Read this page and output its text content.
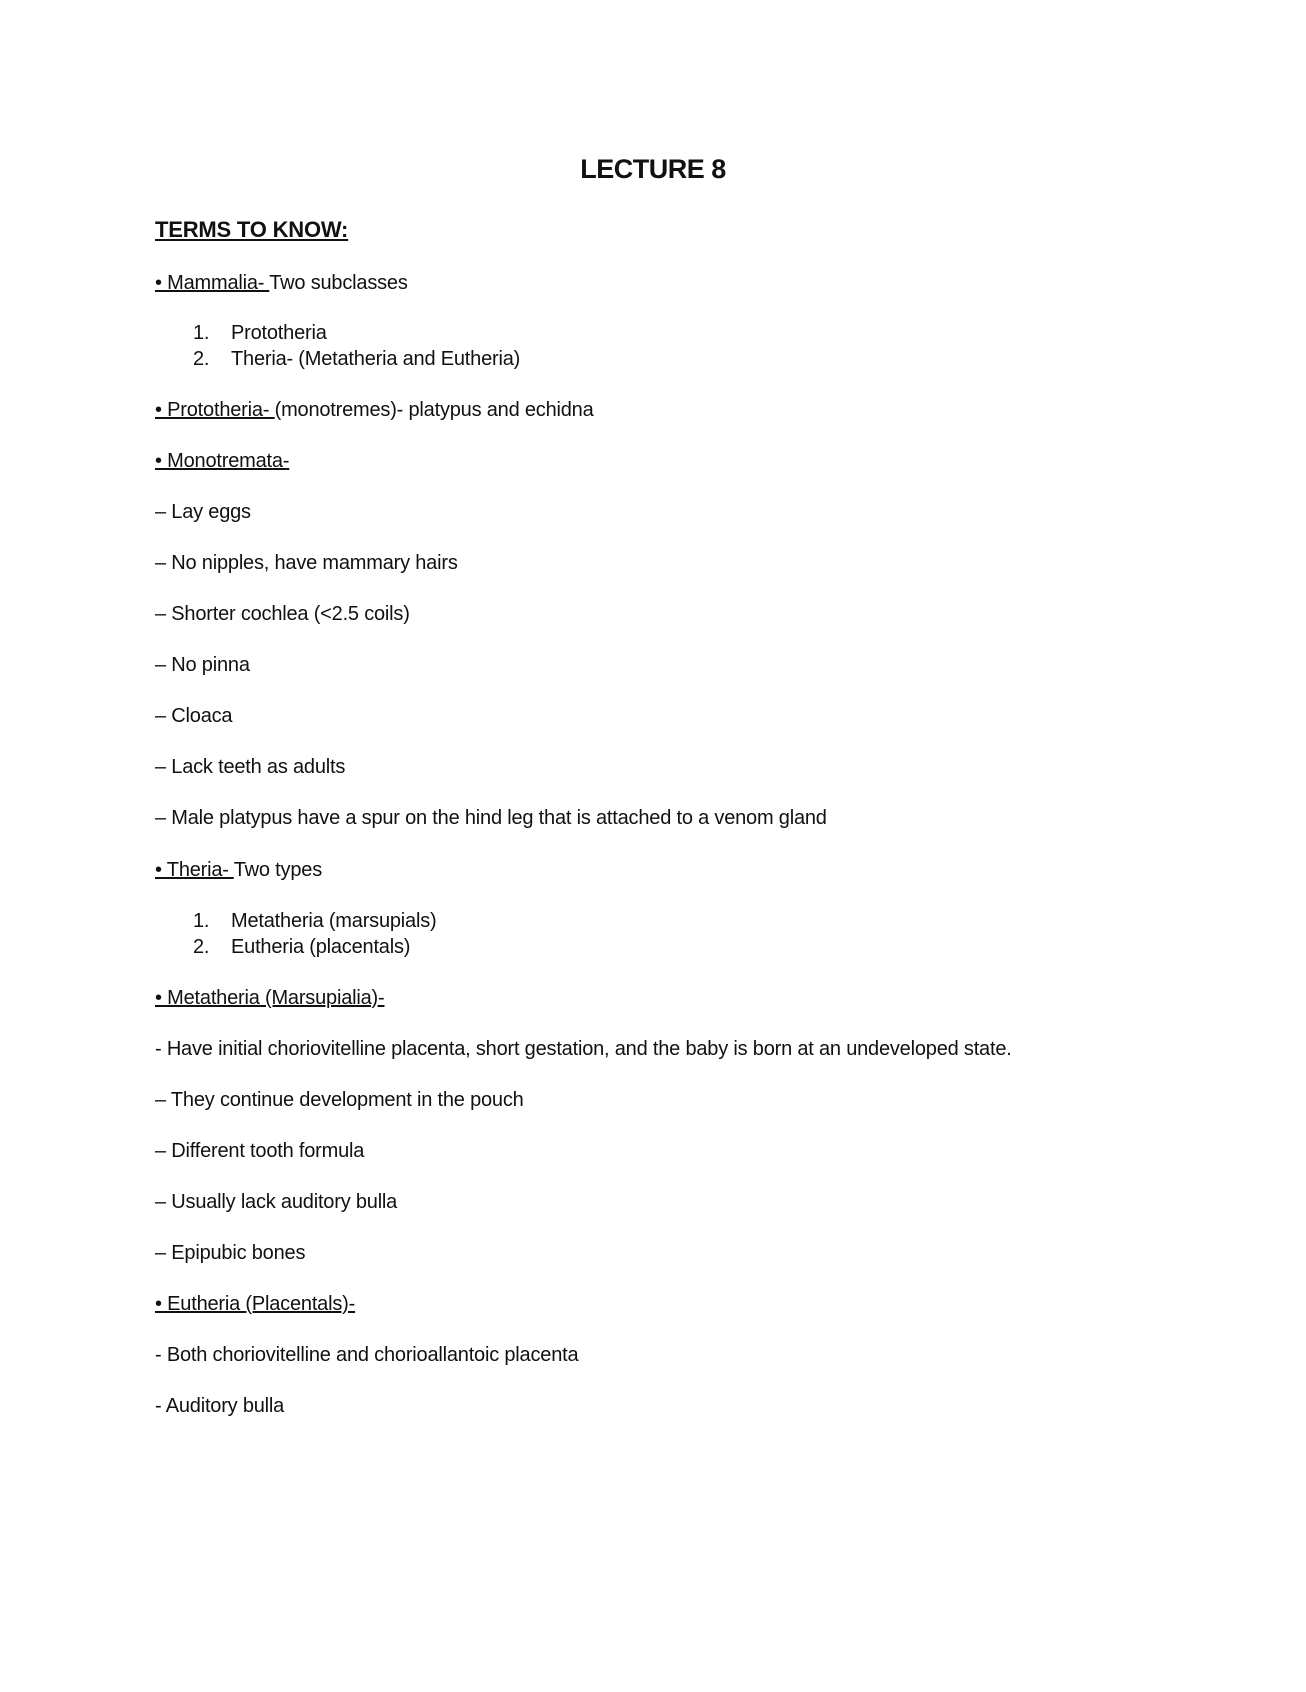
LECTURE 8
TERMS TO KNOW:
• Mammalia- Two subclasses
1. Prototheria
2. Theria- (Metatheria and Eutheria)
• Prototheria- (monotremes)- platypus and echidna
• Monotremata-
– Lay eggs
– No nipples, have mammary hairs
– Shorter cochlea (<2.5 coils)
– No pinna
– Cloaca
– Lack teeth as adults
– Male platypus have a spur on the hind leg that is attached to a venom gland
• Theria- Two types
1. Metatheria (marsupials)
2. Eutheria (placentals)
• Metatheria (Marsupialia)-
- Have initial choriovitelline placenta, short gestation, and the baby is born at an undeveloped state.
– They continue development in the pouch
– Different tooth formula
– Usually lack auditory bulla
– Epipubic bones
• Eutheria (Placentals)-
- Both choriovitelline and chorioallantoic placenta
- Auditory bulla
